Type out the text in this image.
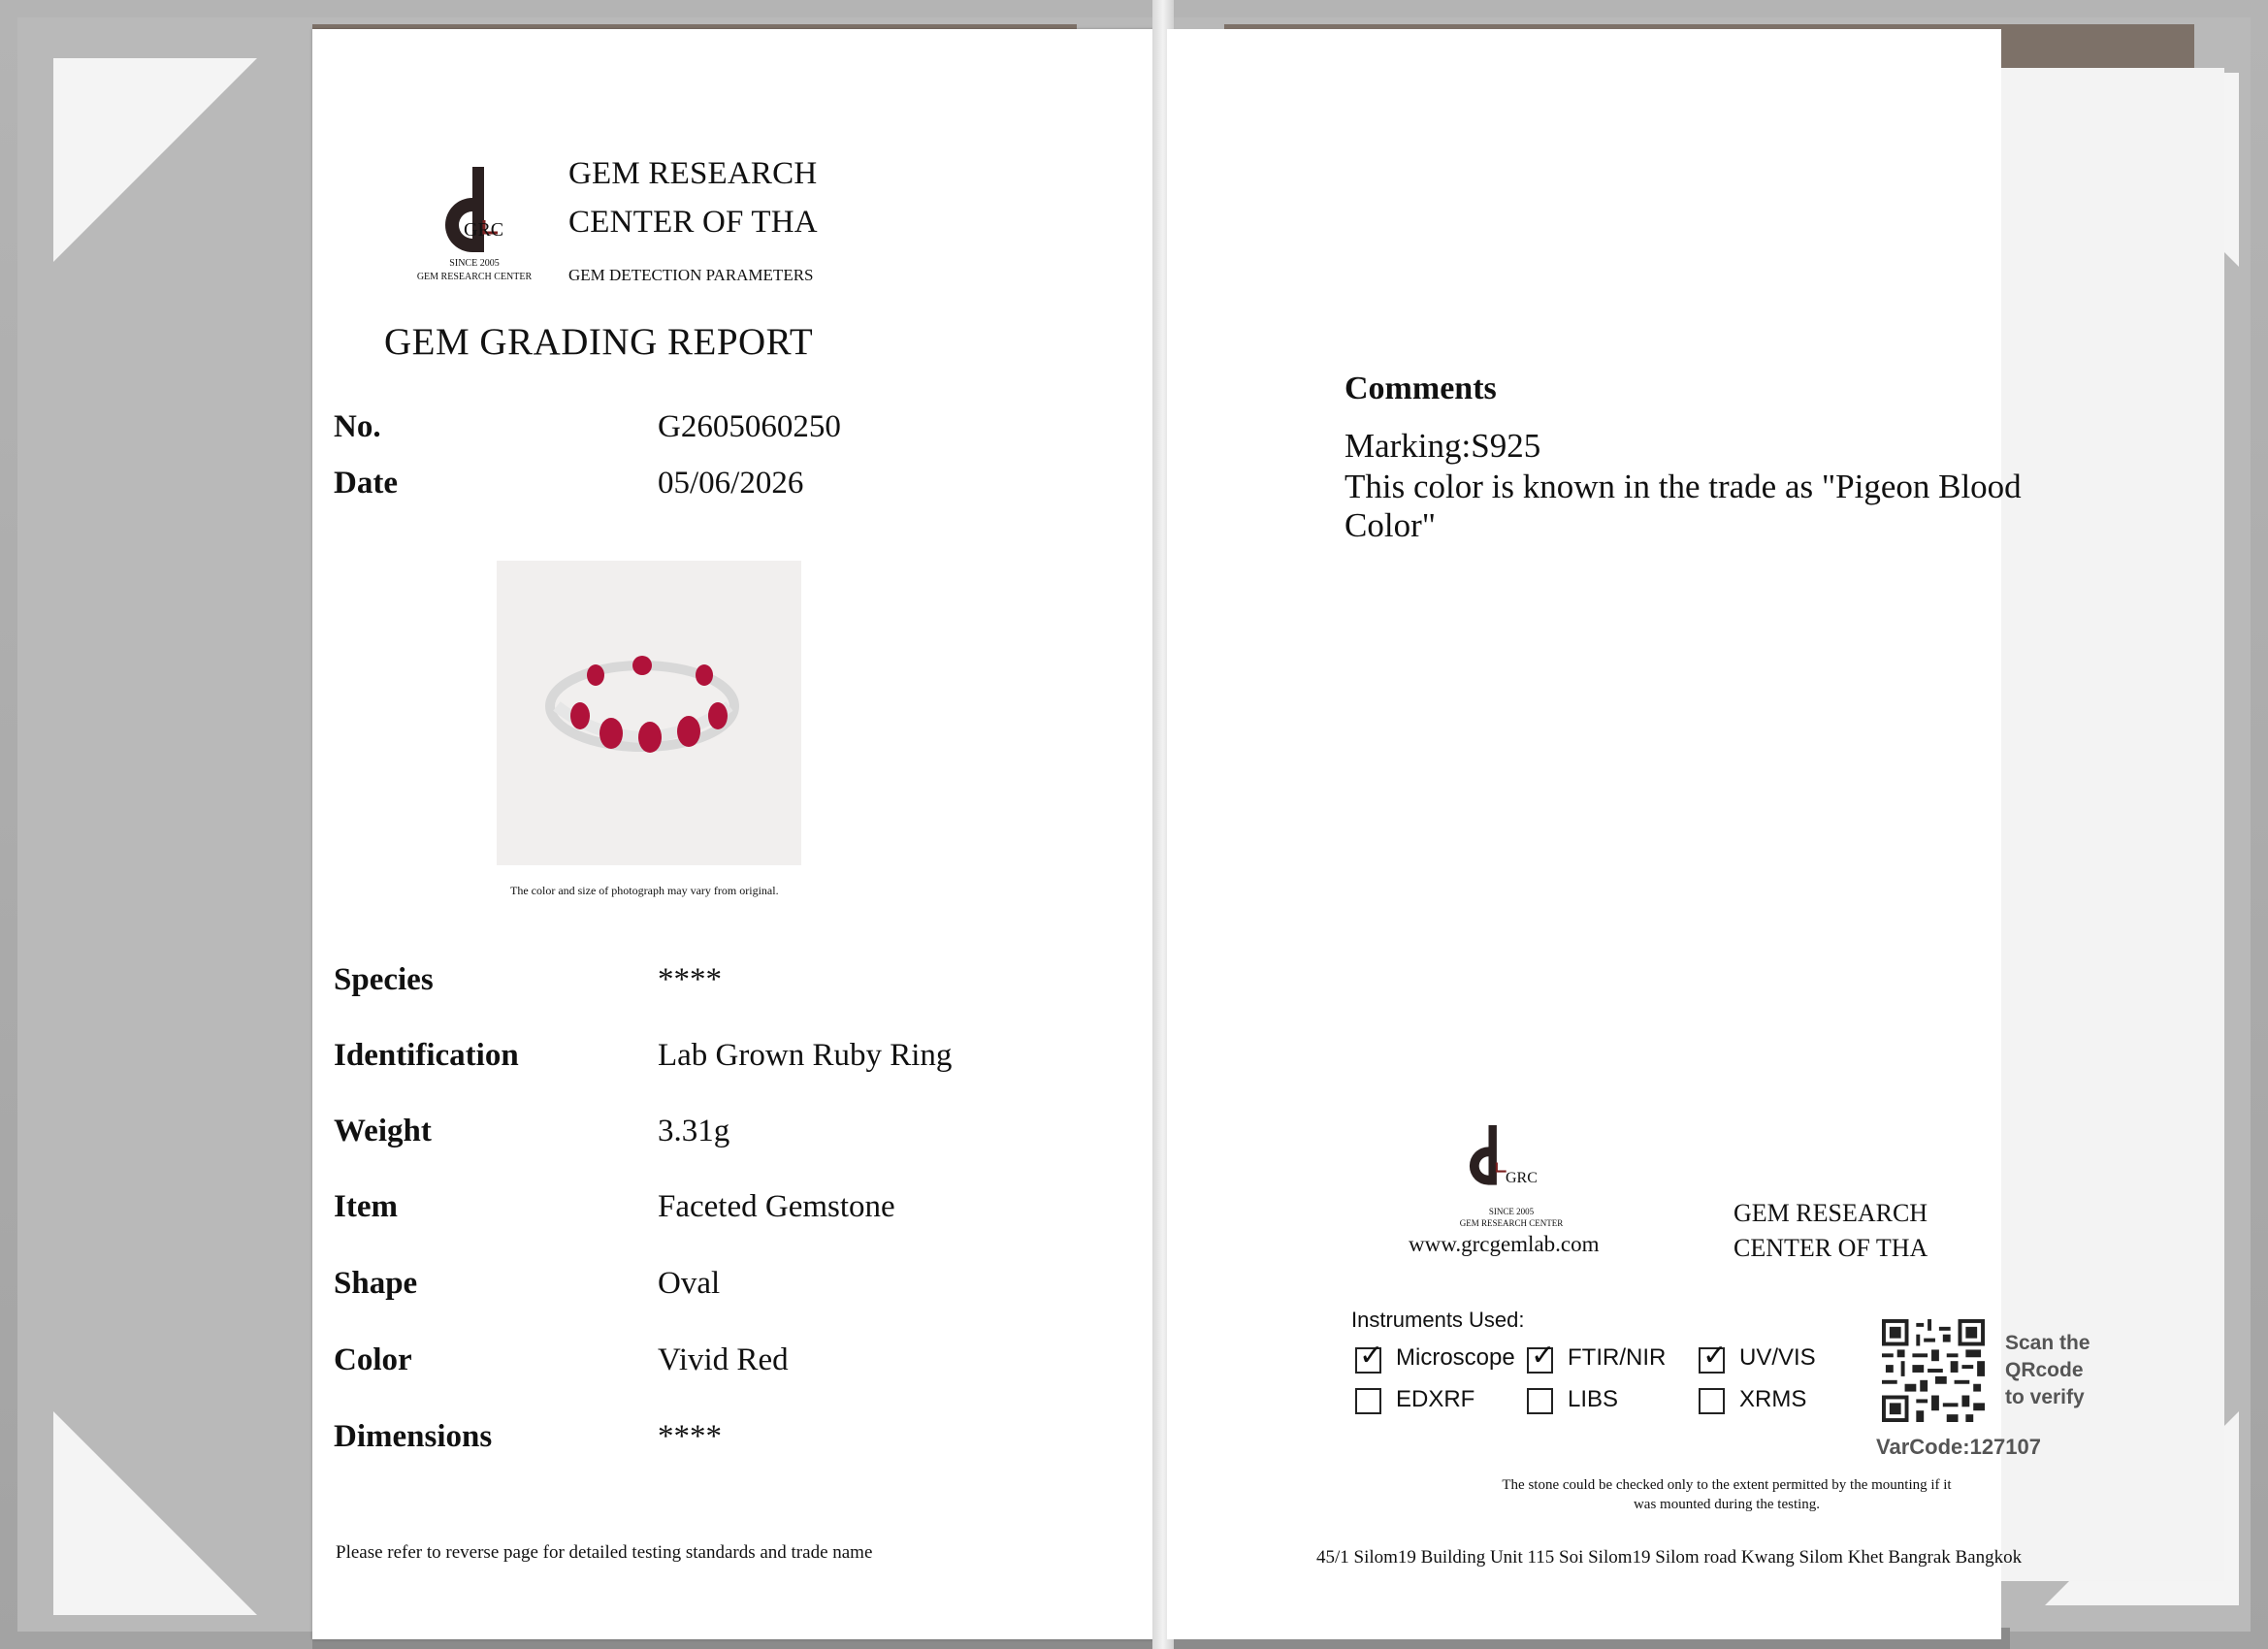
GRC
SINCE 2005
GEM RESEARCH CENTER
GEM RESEARCH
CENTER OF THA
GEM DETECTION PARAMETERS
GEM GRADING REPORT
No.	G2605060250
Date	05/06/2026
The color and size of photograph may vary from original.
Species	****
Identification	Lab Grown Ruby Ring
Weight	3.31g
Item	Faceted Gemstone
Shape	Oval
Color	Vivid Red
Dimensions	****
Please refer to reverse page for detailed testing standards and trade name
Comments
Marking:S925
This color is known in the trade as "Pigeon Blood Color"
GRC
SINCE 2005
GEM RESEARCH CENTER
www.grcgemlab.com
GEM RESEARCH
CENTER OF THA
Instruments Used:
✓ Microscope ✓ FTIR/NIR ✓ UV/VIS
EDXRF	LIBS	XRMS
Scan the
QRcode
to verify
VarCode:127107
The stone could be checked only to the extent permitted by the mounting if it
was mounted during the testing.
45/1 Silom19 Building Unit 115 Soi Silom19 Silom road Kwang Silom Khet Bangrak Bangkok
